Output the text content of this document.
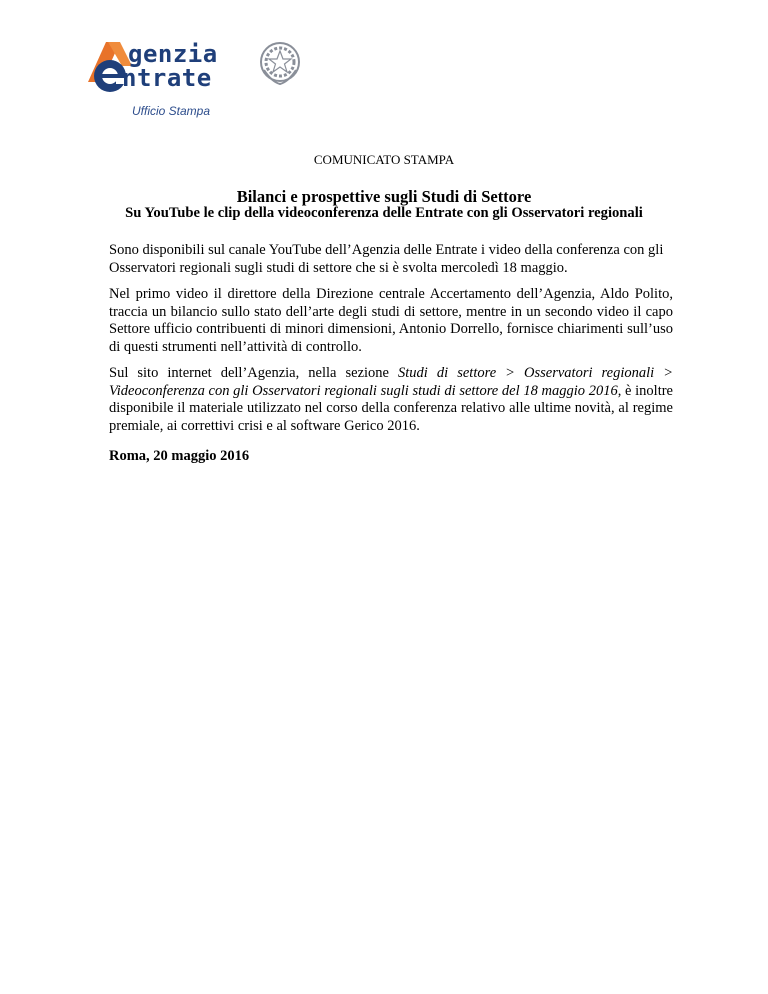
genzia
ntrate
Ufficio Stampa
COMUNICATO STAMPA
Bilanci e prospettive sugli Studi di Settore
Su YouTube le clip della videoconferenza delle Entrate con gli Osservatori regionali

Sono disponibili sul canale YouTube dell’Agenzia delle Entrate i video della conferenza con gli Osservatori regionali sugli studi di settore che si è svolta mercoledì 18 maggio.

Nel primo video il direttore della Direzione centrale Accertamento dell’Agenzia, Aldo Polito, traccia un bilancio sullo stato dell’arte degli studi di settore, mentre in un secondo video il capo Settore ufficio contribuenti di minori dimensioni, Antonio Dorrello, fornisce chiarimenti sull’uso di questi strumenti nell’attività di controllo.

Sul sito internet dell’Agenzia, nella sezione Studi di settore > Osservatori regionali > Videoconferenza con gli Osservatori regionali sugli studi di settore del 18 maggio 2016, è inoltre disponibile il materiale utilizzato nel corso della conferenza relativo alle ultime novità, al regime premiale, ai correttivi crisi e al software Gerico 2016.

Roma, 20 maggio 2016
